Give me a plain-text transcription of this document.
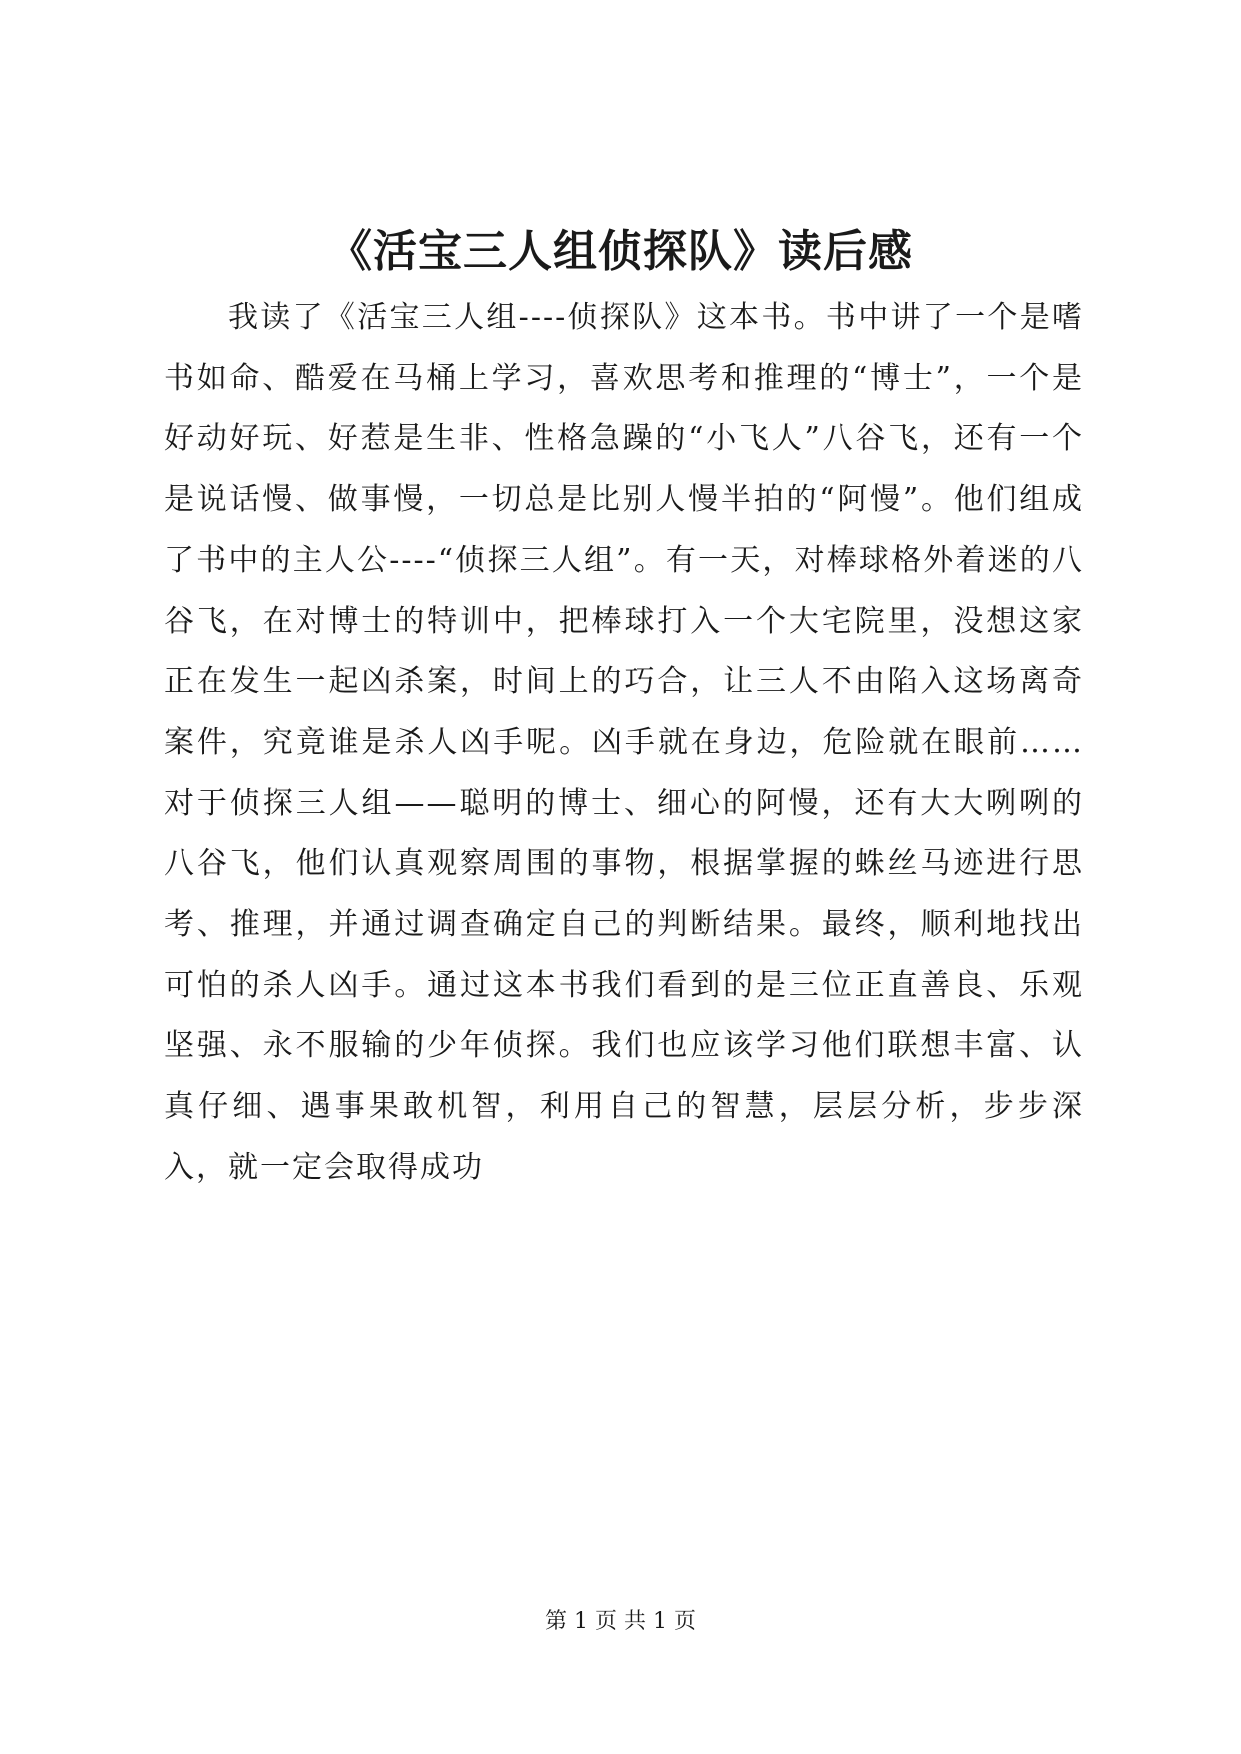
《活宝三人组侦探队》读后感

我读了《活宝三人组----侦探队》这本书。书中讲了一个是嗜书如命、酷爱在马桶上学习，喜欢思考和推理的“博士”，一个是好动好玩、好惹是生非、性格急躁的“小飞人”八谷飞，还有一个是说话慢、做事慢，一切总是比别人慢半拍的“阿慢”。他们组成了书中的主人公----“侦探三人组”。有一天，对棒球格外着迷的八谷飞，在对博士的特训中，把棒球打入一个大宅院里，没想这家正在发生一起凶杀案，时间上的巧合，让三人不由陷入这场离奇案件，究竟谁是杀人凶手呢。凶手就在身边，危险就在眼前……对于侦探三人组——聪明的博士、细心的阿慢，还有大大咧咧的八谷飞，他们认真观察周围的事物，根据掌握的蛛丝马迹进行思考、推理，并通过调查确定自己的判断结果。最终，顺利地找出可怕的杀人凶手。通过这本书我们看到的是三位正直善良、乐观坚强、永不服输的少年侦探。我们也应该学习他们联想丰富、认真仔细、遇事果敢机智，利用自己的智慧，层层分析，步步深入，就一定会取得成功

第 1 页 共 1 页
